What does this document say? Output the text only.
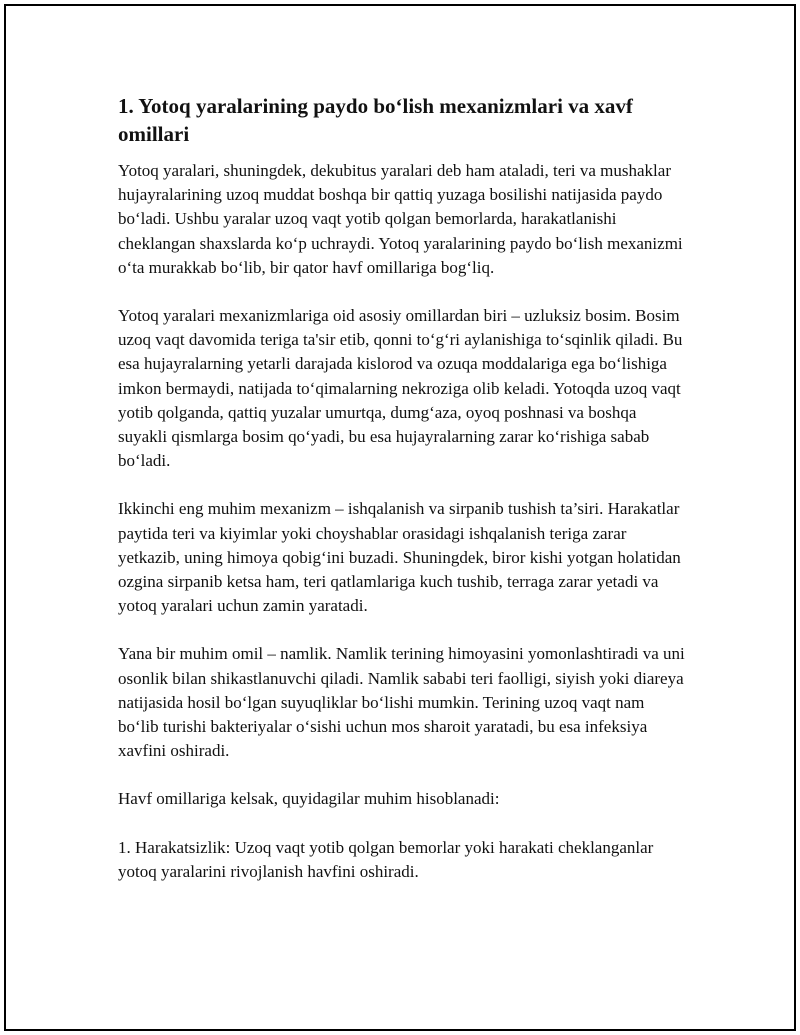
1. Yotoq yaralarining paydo bo‘lish mexanizmlari va xavf omillari

Yotoq yaralari, shuningdek, dekubitus yaralari deb ham ataladi, teri va mushaklar hujayralarining uzoq muddat boshqa bir qattiq yuzaga bosilishi natijasida paydo bo‘ladi. Ushbu yaralar uzoq vaqt yotib qolgan bemorlarda, harakatlanishi cheklangan shaxslarda ko‘p uchraydi. Yotoq yaralarining paydo bo‘lish mexanizmi o‘ta murakkab bo‘lib, bir qator havf omillariga bog‘liq.

Yotoq yaralari mexanizmlariga oid asosiy omillardan biri – uzluksiz bosim. Bosim uzoq vaqt davomida teriga ta'sir etib, qonni to‘g‘ri aylanishiga to‘sqinlik qiladi. Bu esa hujayralarning yetarli darajada kislorod va ozuqa moddalariga ega bo‘lishiga imkon bermaydi, natijada to‘qimalarning nekroziga olib keladi. Yotoqda uzoq vaqt yotib qolganda, qattiq yuzalar umurtqa, dumg‘aza, oyoq poshnasi va boshqa suyakli qismlarga bosim qo‘yadi, bu esa hujayralarning zarar ko‘rishiga sabab bo‘ladi.

Ikkinchi eng muhim mexanizm – ishqalanish va sirpanib tushish ta’siri. Harakatlar paytida teri va kiyimlar yoki choyshablar orasidagi ishqalanish teriga zarar yetkazib, uning himoya qobig‘ini buzadi. Shuningdek, biror kishi yotgan holatidan ozgina sirpanib ketsa ham, teri qatlamlariga kuch tushib, terraga zarar yetadi va yotoq yaralari uchun zamin yaratadi.

Yana bir muhim omil – namlik. Namlik terining himoyasini yomonlashtiradi va uni osonlik bilan shikastlanuvchi qiladi. Namlik sababi teri faolligi, siyish yoki diareya natijasida hosil bo‘lgan suyuqliklar bo‘lishi mumkin. Terining uzoq vaqt nam bo‘lib turishi bakteriyalar o‘sishi uchun mos sharoit yaratadi, bu esa infeksiya xavfini oshiradi.

Havf omillariga kelsak, quyidagilar muhim hisoblanadi:

1. Harakatsizlik: Uzoq vaqt yotib qolgan bemorlar yoki harakati cheklanganlar yotoq yaralarini rivojlanish havfini oshiradi.
